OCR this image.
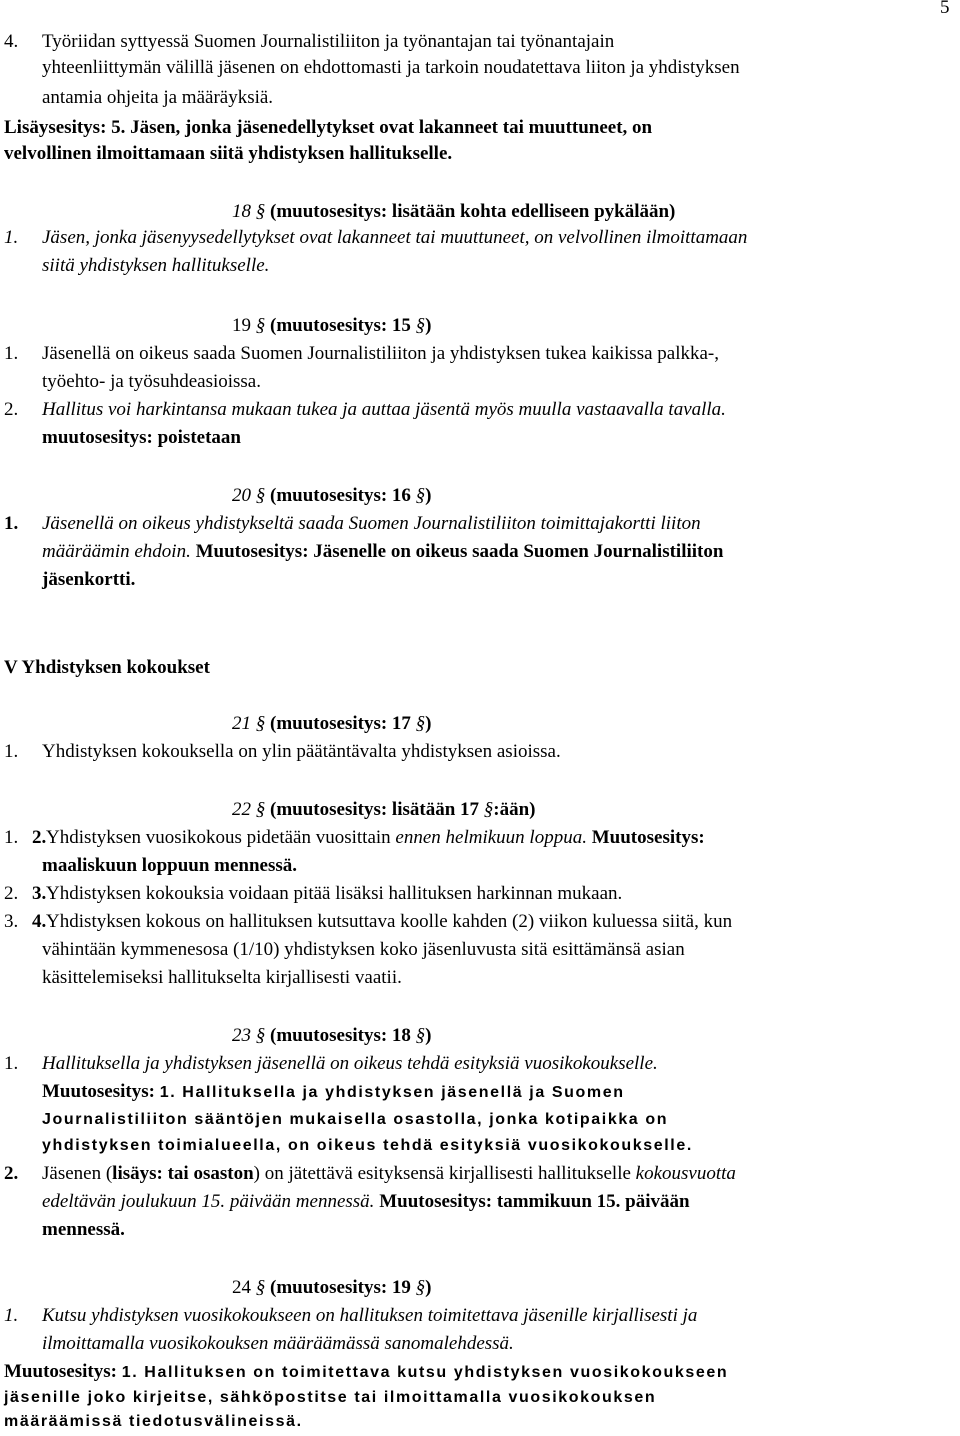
5
4. Työriidan syttyessä Suomen Journalistiliiton ja työnantajan tai työnantajain
yhteenliittymän välillä jäsenen on ehdottomasti ja tarkoin noudatettava liiton ja yhdistyksen
antamia ohjeita ja määräyksiä.
Lisäysesitys: 5. Jäsen, jonka jäsenedellytykset ovat lakanneet tai muuttuneet, on
velvollinen ilmoittamaan siitä yhdistyksen hallitukselle.
18 § (muutosesitys: lisätään kohta edelliseen pykälään)
1. Jäsen, jonka jäsenyysedellytykset ovat lakanneet tai muuttuneet, on velvollinen ilmoittamaan
siitä yhdistyksen hallitukselle.
19 § (muutosesitys: 15 §)
1. Jäsenellä on oikeus saada Suomen Journalistiliiton ja yhdistyksen tukea kaikissa palkka-,
työehto- ja työsuhdeasioissa.
2. Hallitus voi harkintansa mukaan tukea ja auttaa jäsentä myös muulla vastaavalla tavalla.
muutosesitys: poistetaan
20 § (muutosesitys: 16 §)
1. Jäsenellä on oikeus yhdistykseltä saada Suomen Journalistiliiton toimittajakortti liiton
määräämin ehdoin. Muutosesitys: Jäsenelle on oikeus saada Suomen Journalistiliiton
jäsenkortti.
V Yhdistyksen kokoukset
21 § (muutosesitys: 17 §)
1. Yhdistyksen kokouksella on ylin päätäntävalta yhdistyksen asioissa.
22 § (muutosesitys: lisätään 17 §:ään)
1. 2. Yhdistyksen vuosikokous pidetään vuosittain ennen helmikuun loppua. Muutosesitys:
maaliskuun loppuun mennessä.
2. 3. Yhdistyksen kokouksia voidaan pitää lisäksi hallituksen harkinnan mukaan.
3. 4. Yhdistyksen kokous on hallituksen kutsuttava koolle kahden (2) viikon kuluessa siitä, kun
vähintään kymmenesosa (1/10) yhdistyksen koko jäsenluvusta sitä esittämänsä asian
käsittelemiseksi hallitukselta kirjallisesti vaatii.
23 § (muutosesitys: 18 §)
1. Hallituksella ja yhdistyksen jäsenellä on oikeus tehdä esityksiä vuosikokoukselle.
Muutosesitys: 1. Hallituksella ja yhdistyksen jäsenellä ja Suomen
Journalistiliiton sääntöjen mukaisella osastolla, jonka kotipaikka on
yhdistyksen toimialueella, on oikeus tehdä esityksiä vuosikokoukselle.
2. Jäsenen (lisäys: tai osaston) on jätettävä esityksensä kirjallisesti hallitukselle kokousvuotta
edeltävän joulukuun 15. päivään mennessä. Muutosesitys: tammikuun 15. päivään
mennessä.
24 § (muutosesitys: 19 §)
1. Kutsu yhdistyksen vuosikokoukseen on hallituksen toimitettava jäsenille kirjallisesti ja
ilmoittamalla vuosikokouksen määräämässä sanomalehdessä.
Muutosesitys: 1. Hallituksen on toimitettava kutsu yhdistyksen vuosikokoukseen
jäsenille joko kirjeitse, sähköpostitse tai ilmoittamalla vuosikokouksen
määräämissä tiedotusvälineissä.
